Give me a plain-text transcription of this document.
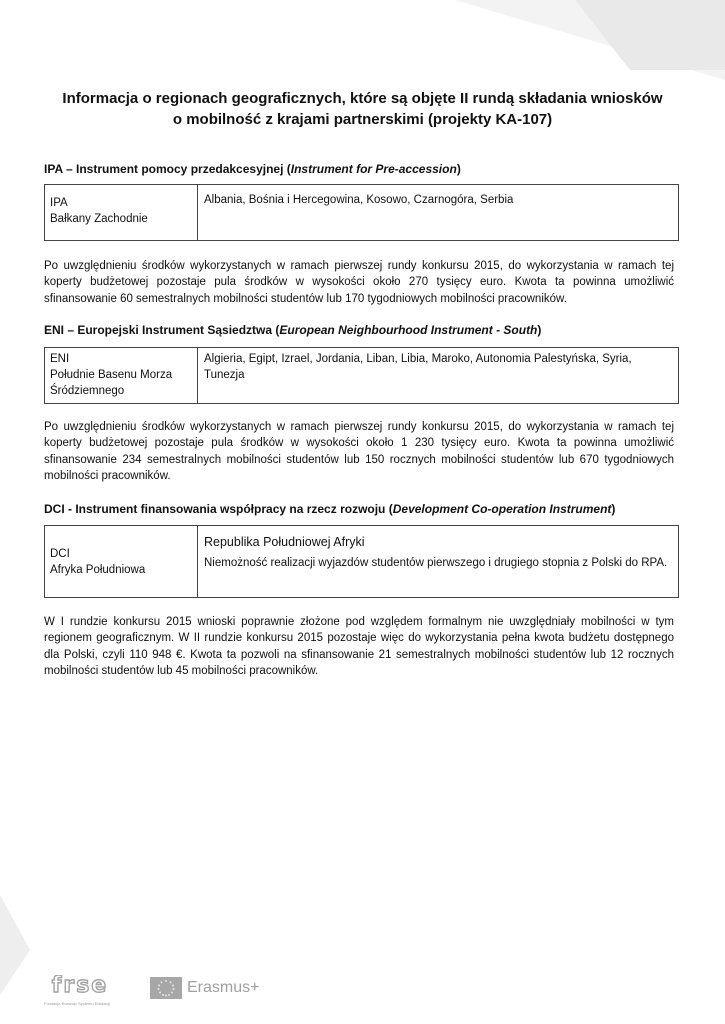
Informacja o regionach geograficznych, które są objęte II rundą składania wniosków
o mobilność z krajami partnerskimi (projekty KA-107)
IPA – Instrument pomocy przedakcesyjnej (Instrument for Pre-accession)
IPA
Bałkany Zachodnie
Albania, Bośnia i Hercegowina, Kosowo, Czarnogóra, Serbia
Po uwzględnieniu środków wykorzystanych w ramach pierwszej rundy konkursu 2015, do wykorzystania w ramach tej koperty budżetowej pozostaje pula środków w wysokości około 270 tysięcy euro. Kwota ta powinna umożliwić sfinansowanie 60 semestralnych mobilności studentów lub 170 tygodniowych mobilności pracowników.
ENI – Europejski Instrument Sąsiedztwa (European Neighbourhood Instrument - South)
ENI
Południe Basenu Morza Śródziemnego
Algieria, Egipt, Izrael, Jordania, Liban, Libia, Maroko, Autonomia Palestyńska, Syria, Tunezja
Po uwzględnieniu środków wykorzystanych w ramach pierwszej rundy konkursu 2015, do wykorzystania w ramach tej koperty budżetowej pozostaje pula środków w wysokości około 1 230 tysięcy euro. Kwota ta powinna umożliwić sfinansowanie 234 semestralnych mobilności studentów lub 150 rocznych mobilności studentów lub 670 tygodniowych mobilności pracowników.
DCI - Instrument finansowania współpracy na rzecz rozwoju (Development Co-operation Instrument)
DCI
Afryka Południowa
Republika Południowej Afryki
Niemożność realizacji wyjazdów studentów pierwszego i drugiego stopnia z Polski do RPA.
W I rundzie konkursu 2015 wnioski poprawnie złożone pod względem formalnym nie uwzględniały mobilności w tym regionem geograficznym. W II rundzie konkursu 2015 pozostaje więc do wykorzystania pełna kwota budżetu dostępnego dla Polski, czyli 110 948 €. Kwota ta pozwoli na sfinansowanie 21 semestralnych mobilności studentów lub 12 rocznych mobilności studentów lub 45 mobilności pracowników.
frse
Fundacja Rozwoju Systemu Edukacji
Erasmus+
